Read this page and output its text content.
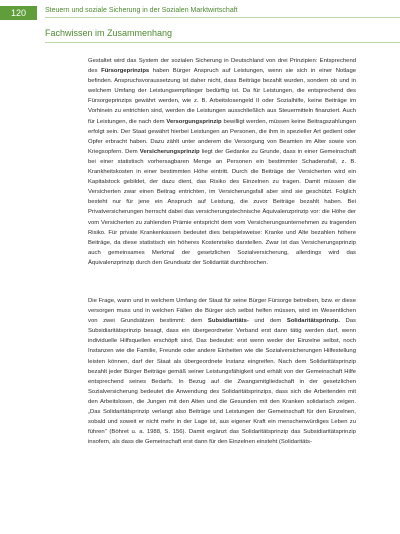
120	Steuern und soziale Sicherung in der Sozialen Marktwirtschaft
Fachwissen im Zusammenhang

Gestaltet wird das System der sozialen Sicherung in Deutschland von drei Prinzipien: Entsprechend des Fürsorgeprinzips haben Bürger Anspruch auf Leistungen, wenn sie sich in einer Notlage befinden. Anspruchsvoraussetzung ist daher nicht, dass Beiträge bezahlt wurden, sondern ob und in welchem Umfang der Leistungsempfänger bedürftig ist. Da für Leistungen, die entsprechend des Fürsorgeprinzips gewährt werden, wie z. B. Arbeitslosengeld II oder Sozialhilfe, keine Beiträge im Vorhinein zu entrichten sind, werden die Leistungen ausschließlich aus Steuermitteln finanziert. Auch für Leistungen, die nach dem Versorgungsprinzip bewilligt werden, müssen keine Beitragszahlungen erfolgt sein. Der Staat gewährt hierbei Leistungen an Personen, die ihm in spezieller Art gedient oder Opfer erbracht haben. Dazu zählt unter anderem die Versorgung von Beamten im Alter sowie von Kriegsopfern. Dem Versicherungsprinzip liegt der Gedanke zu Grunde, dass in einer Gemeinschaft bei einer statistisch vorhersagbaren Menge an Personen ein bestimmter Schadensfall, z. B. Krankheitskosten in einer bestimmten Höhe eintritt. Durch die Beiträge der Versicherten wird ein Kapitalstock gebildet, der dazu dient, das Risiko des Einzelnen zu tragen. Damit müssen die Versicherten zwar einen Beitrag entrichten, im Versicherungsfall aber sind sie geschützt. Folglich besteht nur für jene ein Anspruch auf Leistung, die zuvor Beiträge bezahlt haben. Bei Privatversicherungen herrscht dabei das versicherungstechnische Äquivalenzprinzip vor: die Höhe der vom Versicherten zu zahlenden Prämie entspricht dem vom Versicherungsunternehmen zu tragenden Risiko. Für private Krankenkassen bedeutet dies beispielsweise: Kranke und Alte bezahlen höhere Beiträge, da diese statistisch ein höheres Kostenrisiko darstellen. Zwar ist das Versicherungsprinzip auch gemeinsames Merkmal der gesetzlichen Sozialversicherung, allerdings wird das Äquivalenzprinzip durch den Grundsatz der Solidarität durchbrochen.

Die Frage, wann und in welchem Umfang der Staat für seine Bürger Fürsorge betreiben, bzw. er diese versorgen muss und in welchen Fällen die Bürger sich selbst helfen müssen, wird im Wesentlichen von zwei Grundsätzen bestimmt: dem Subsidiaritäts- und dem Solidaritätsprinzip. Das Subsidiaritätsprinzip besagt, dass ein übergeordneter Verband erst dann tätig werden darf, wenn individuelle Hilfsquellen erschöpft sind. Das bedeutet: erst wenn weder der Einzelne selbst, noch Instanzen wie die Familie, Freunde oder andere Einheiten wie die Sozialversicherungen Hilfestellung leisten können, darf der Staat als übergeordnete Instanz eingreifen. Nach dem Solidaritätsprinzip bezahlt jeder Bürger Beiträge gemäß seiner Leistungsfähigkeit und erhält von der Gemeinschaft Hilfe entsprechend seines Bedarfs. In Bezug auf die Zwangsmitgliedschaft in der gesetzlichen Sozialversicherung bedeutet die Anwendung des Solidaritätsprinzips, dass sich die Arbeitenden mit den Arbeitslosen, die Jungen mit den Alten und die Gesunden mit den Kranken solidarisch zeigen. „Das Solidaritätsprinzip verlangt also Beiträge und Leistungen der Gemeinschaft für den Einzelnen, sobald und soweit er nicht mehr in der Lage ist, aus eigener Kraft ein menschenwürdiges Leben zu führen“ (Böhret u. a. 1988, S. 156). Damit ergänzt das Solidaritätsprinzip das Subsidiaritätsprinzip insofern, als dass die Gemeinschaft erst dann für den Einzelnen einsteht (Solidaritäts-
